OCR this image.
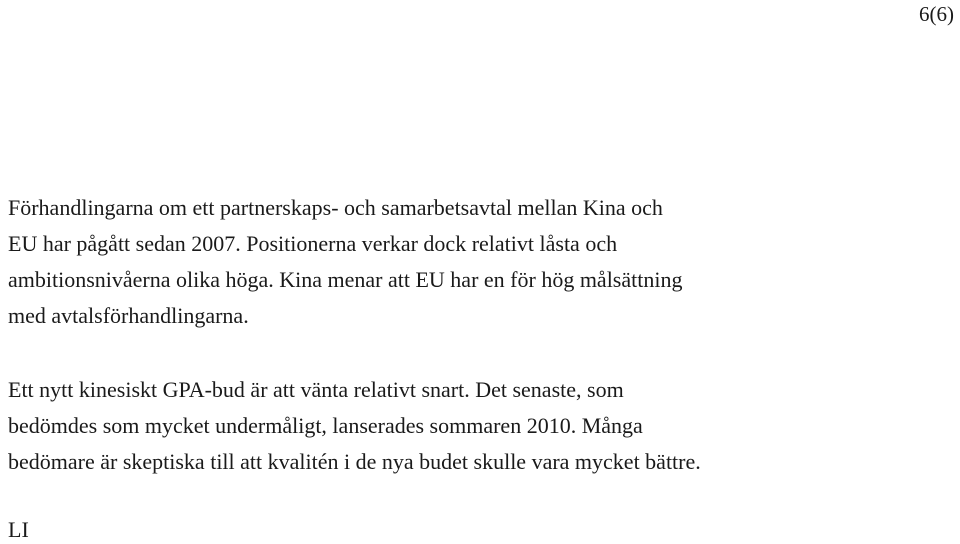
6(6)

Förhandlingarna om ett partnerskaps- och samarbetsavtal mellan Kina och
EU har pågått sedan 2007. Positionerna verkar dock relativt låsta och
ambitionsnivåerna olika höga. Kina menar att EU har en för hög målsättning
med avtalsförhandlingarna.

Ett nytt kinesiskt GPA-bud är att vänta relativt snart. Det senaste, som
bedömdes som mycket undermåligt, lanserades sommaren 2010. Många
bedömare är skeptiska till att kvalitén i de nya budet skulle vara mycket bättre.

LI
